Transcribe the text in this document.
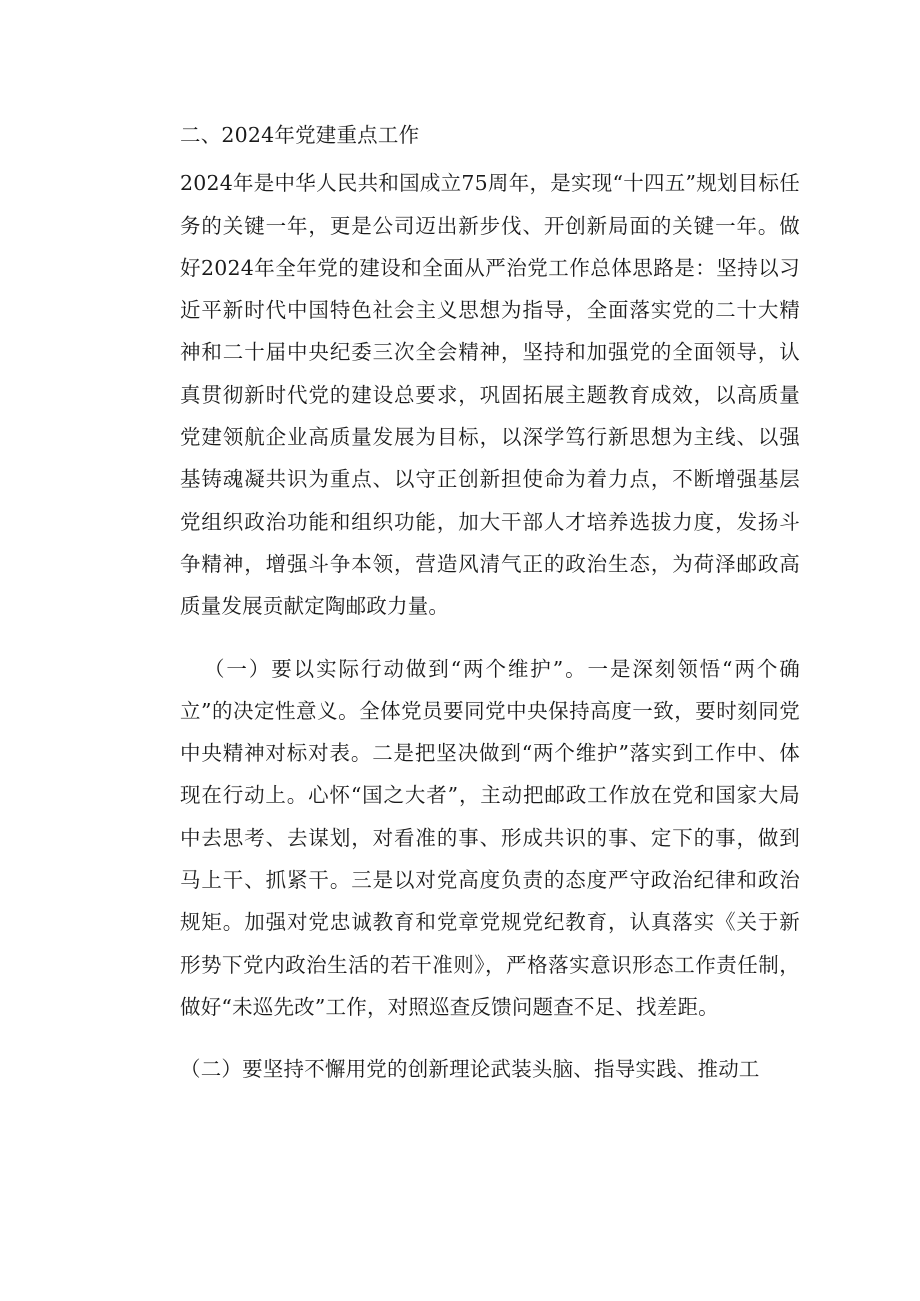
二、2024年党建重点工作

2024年是中华人民共和国成立75周年，是实现“十四五”规划目标任务的关键一年，更是公司迈出新步伐、开创新局面的关键一年。做好2024年全年党的建设和全面从严治党工作总体思路是：坚持以习近平新时代中国特色社会主义思想为指导，全面落实党的二十大精神和二十届中央纪委三次全会精神，坚持和加强党的全面领导，认真贯彻新时代党的建设总要求，巩固拓展主题教育成效，以高质量党建领航企业高质量发展为目标，以深学笃行新思想为主线、以强基铸魂凝共识为重点、以守正创新担使命为着力点，不断增强基层党组织政治功能和组织功能，加大干部人才培养选拔力度，发扬斗争精神，增强斗争本领，营造风清气正的政治生态，为荷泽邮政高质量发展贡献定陶邮政力量。

（一）要以实际行动做到“两个维护”。一是深刻领悟“两个确立”的决定性意义。全体党员要同党中央保持高度一致，要时刻同党中央精神对标对表。二是把坚决做到“两个维护”落实到工作中、体现在行动上。心怀“国之大者”，主动把邮政工作放在党和国家大局中去思考、去谋划，对看准的事、形成共识的事、定下的事，做到马上干、抓紧干。三是以对党高度负责的态度严守政治纪律和政治规矩。加强对党忠诚教育和党章党规党纪教育，认真落实《关于新形势下党内政治生活的若干准则》，严格落实意识形态工作责任制，做好“未巡先改”工作，对照巡查反馈问题查不足、找差距。

（二）要坚持不懈用党的创新理论武装头脑、指导实践、推动工
